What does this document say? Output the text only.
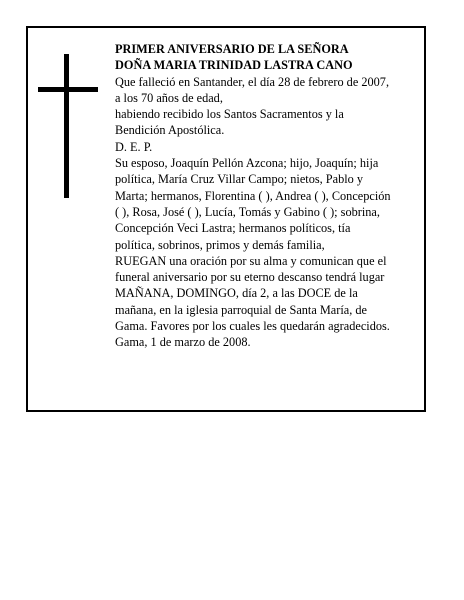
PRIMER ANIVERSARIO DE LA SEÑORA
DOÑA MARIA TRINIDAD LASTRA CANO
Que falleció en Santander, el día 28 de febrero de 2007,
a los 70 años de edad,
habiendo recibido los Santos Sacramentos y la
Bendición Apostólica.
D. E. P.
Su esposo, Joaquín Pellón Azcona; hijo, Joaquín; hija
política, María Cruz Villar Campo; nietos, Pablo y
Marta; hermanos, Florentina ( ), Andrea ( ), Concepción
( ), Rosa, José ( ), Lucía, Tomás y Gabino ( ); sobrina,
Concepción Veci Lastra; hermanos políticos, tía
política, sobrinos, primos y demás familia,
RUEGAN una oración por su alma y comunican que el
funeral aniversario por su eterno descanso tendrá lugar
MAÑANA, DOMINGO, día 2, a las DOCE de la
mañana, en la iglesia parroquial de Santa María, de
Gama. Favores por los cuales les quedarán agradecidos.
Gama, 1 de marzo de 2008.
